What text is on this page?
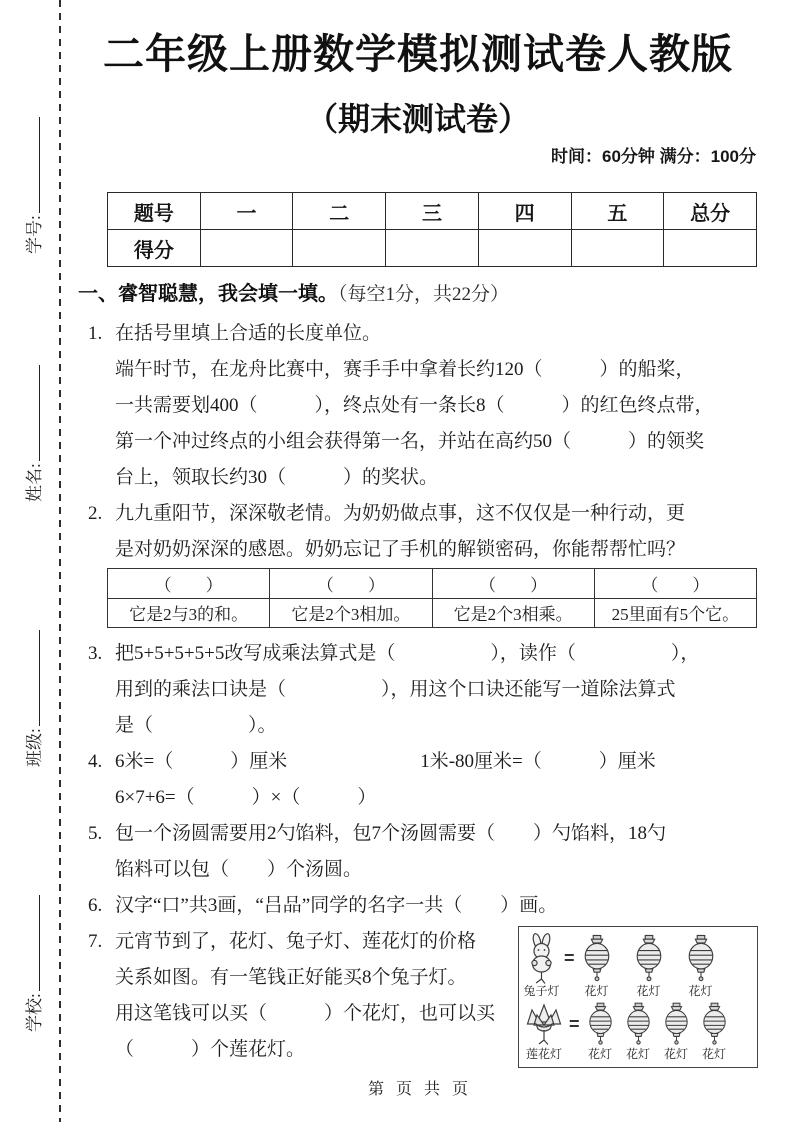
学号:
姓名:
班级:
学校:
二年级上册数学模拟测试卷人教版
（期末测试卷）
时间：60分钟 满分：100分
题号	一	二	三	四	五	总分
得分						
一、睿智聪慧，我会填一填。（每空1分，共22分）
1. 在括号里填上合适的长度单位。
端午时节，在龙舟比赛中，赛手手中拿着长约120（　　　）的船桨，
一共需要划400（　　　），终点处有一条长8（　　　）的红色终点带，
第一个冲过终点的小组会获得第一名，并站在高约50（　　　）的领奖
台上，领取长约30（　　　）的奖状。
2. 九九重阳节，深深敬老情。为奶奶做点事，这不仅仅是一种行动，更
是对奶奶深深的感恩。奶奶忘记了手机的解锁密码，你能帮帮忙吗？
（　　）	（　　）	（　　）	（　　）
它是2与3的和。	它是2个3相加。	它是2个3相乘。	25里面有5个它。
3. 把5+5+5+5+5改写成乘法算式是（　　　　　），读作（　　　　　），
用到的乘法口诀是（　　　　　），用这个口诀还能写一道除法算式
是（　　　　　）。
4. 6米=（　　　）厘米　　　　　　　1米-80厘米=（　　　）厘米
6×7+6=（　　　）×（　　　）
5. 包一个汤圆需要用2勺馅料，包7个汤圆需要（　　）勺馅料，18勺
馅料可以包（　　）个汤圆。
6. 汉字“口”共3画，“吕品”同学的名字一共（　　）画。
7. 元宵节到了，花灯、兔子灯、莲花灯的价格
关系如图。有一笔钱正好能买8个兔子灯。
用这笔钱可以买（　　　）个花灯，也可以买
（　　　）个莲花灯。
兔子灯
=
花灯 花灯 花灯
莲花灯
=
花灯 花灯 花灯 花灯
第页共页
